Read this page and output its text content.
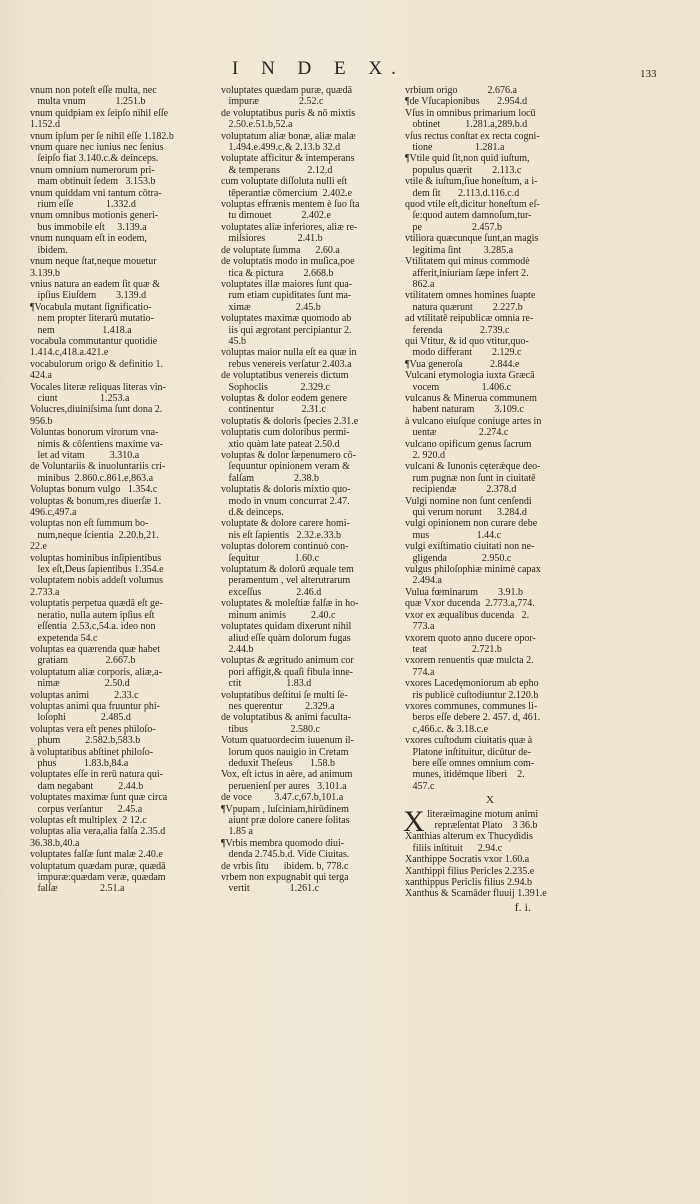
I N D E X.	133
vnum non poteſt eſſe multa, nec
multa vnum            1.251.b
vnum quidpiam ex ſeipſo nihil eſſe
1.152.d
vnum ipſum per ſe nihil eſſe 1.182.b
vnum quare nec iunius nec ſenius
ſeipſo fiat 3.140.c.& deinceps.
vnum omnium numerorum pri-
mam obtinuit ſedem   3.153.b
vnum quiddam vni tantum cōtra-
rium eſſe             1.332.d
vnum omnibus motionis generi-
bus immobile eſt     3.139.a
vnum nunquam eſt in eodem,
ibidem.
vnum neque ſtat,neque mouetur
3.139.b
vnius natura an eadem ſit quæ &
ipſius Eiuſdem        3.139.d
¶Vocabula mutant ſignificatio-
nem propter literarū mutatio-
nem                   1.418.a
vocabula commutantur quotidie
1.414.c,418.a.421.e
vocabulorum origo & definitio 1.
424.a
Vocales literæ reliquas literas vin-
ciunt                 1.253.a
Volucres,diuiniſsima ſunt dona 2.
956.b
Voluntas bonorum virorum vna-
nimis & cōſentiens maxime va-
let ad vitam          3.310.a
de Voluntariis & inuoluntariis cri-
minibus  2.860.c.861.e,863.a
Voluptas bonum vulgo   1.354.c
voluptas & bonum,res diuerſæ 1.
496.c,497.a
voluptas non eſt ſummum bo-
num,neque ſcientia  2.20.b,21.
22.e
voluptas hominibus inſipientibus
lex eſt,Deus ſapientibus 1.354.e
voluptatem nobis addeſt volumus
2.733.a
voluptatis perpetua quædā eſt ge-
neratio, nulla autem ipſius eſt
eſſentia  2.53.c,54.a. ideo non
expetenda 54.c
voluptas ea quærenda quæ habet
gratiam               2.667.b
voluptatum aliæ corporis, aliæ,a-
nimæ                  2.50.d
voluptas animi          2.33.c
voluptas animi qua fruuntur phi-
loſophi              2.485.d
voluptas vera eſt penes philoſo-
phum          2.582.b,583.b
à voluptatibus abſtinet philoſo-
phus           1.83.b,84.a
voluptates eſſe in rerū natura qui-
dam negabant          2.44.b
voluptates maximæ ſunt quæ circa
corpus verſantur      2.45.a
voluptas eſt multiplex  2 12.c
voluptas alia vera,alia falſa 2.35.d
36.38.b,40.a
voluptates falſæ ſunt malæ 2.40.e
voluptatum quædam puræ, quædā
impuræ:quædam veræ, quædam
falſæ                 2.51.a
voluptates quædam puræ, quædā
impuræ                2.52.c
de voluptatibus puris & nō mixtis
2.50.e.51.b,52.a
voluptatum aliæ bonæ, aliæ malæ
1.494.e.499.c.& 2.13.b 32.d
voluptate afficitur & intemperans
& temperans           2.12.d
cum voluptate diſſoluta nulli eſt
tēperantiæ cōmercium  2.402.e
voluptas effrænis mentem è ſuo ſta
tu dimouet            2.402.e
voluptates aliæ inferiores, aliæ re-
miſsiores             2.41.b
de voluptate ſumma      2.60.a
de voluptatis modo in muſica,poe
tica & pictura        2.668.b
voluptates illæ maiores ſunt qua-
rum etiam cupiditates ſunt ma-
ximæ                  2.45.b
voluptates maximæ quomodo ab
iis qui ægrotant percipiantur 2.
45.b
voluptas maior nulla eſt ea quæ in
rebus venereis verſatur 2.403.a
de voluptatibus venereis dictum
Sophoclis             2.329.c
voluptas & dolor eodem genere
continentur           2.31.c
voluptatis & doloris ſpecies 2.31.e
voluptatis cum doloribus permi-
xtio quàm late pateat 2.50.d
voluptas & dolor ſæpenumero cō-
ſequuntur opinionem veram &
falſam                2.38.b
voluptatis & doloris mixtio quo-
modo in vnum concurrat 2.47.
d.& deinceps.
voluptate & dolore carere homi-
nis eſt ſapientis   2.32.e.33.b
voluptas dolorem continuò con-
ſequitur              1.60.c
voluptatum & dolorū æquale tem
peramentum , vel alterutrarum
exceſſus              2.46.d
voluptates & moleſtiæ falſæ in ho-
minum animis          2.40.c
voluptates quidam dixerunt nihil
aliud eſſe quàm dolorum fugas
2.44.b
voluptas & ægritudo animum cor
pori affigit,& quaſi fibula inne-
ctit                  1.83.d
voluptatibus deſtitui ſe multi ſe-
nes querentur         2.329.a
de voluptatibus & animi faculta-
tibus                 2.580.c
Votum quatuordecim iuuenum il-
lorum quos nauigio in Cretam
deduxit Theſeus       1.58.b
Vox, eſt ictus in aëre, ad animum
peruenienſ per aures   3.101.a
de voce         3.47.c,67.b,101.a
¶Vpupam , luſciniam,hirūdinem
aiunt præ dolore canere ſolitas
1.85 a
¶Vrbis membra quomodo diui-
denda 2.745.b.d. Vide Ciuitas.
de vrbis ſitu      ibidem. b, 778.c
vrbem non expugnabit qui terga
vertit                1.261.c
vrbium origo            2.676.a
¶de Vſucapionibus       2.954.d
Vſus in omnibus primarium locū
obtinet          1.281.a,289.b.d
vſus rectus conſtat ex recta cogni-
tione                 1.281.a
¶Vtile quid ſit,non quid iuſtum,
populus quærit        2.113.c
vtile & iuſtum,ſiue honeſtum, a i-
dem ſit       2.113.d.116.c.d
quod vtile eſt,dicitur honeſtum eſ-
ſe:quod autem damnoſum,tur-
pe                    2.457.b
vtiliora quæcunque ſunt,an magis
legitima ſint         3.285.a
Vtilitatem qui minus commodè
afferit,iniuriam ſæpe infert 2.
862.a
vtilitatem omnes homines ſuapte
natura quærunt        2.227.b
ad vtilitatē reipublicæ omnia re-
ferenda               2.739.c
qui Vtitur, & id quo vtitur,quo-
modo differant        2.129.c
¶Vua generoſa           2.844.e
Vulcani etymologia iuxta Græcā
vocem                 1.406.c
vulcanus & Minerua communem
habent naturam        3.109.c
à vulcano eiuſque coniuge artes in
uentæ                 2.274.c
vulcano opificum genus ſacrum
2. 920.d
vulcani & Iunonis cęterǽque deo-
rum pugnæ non ſunt in ciuitatē
recipiendæ            2.378.d
Vulgi nomine non ſunt cenſendi
qui verum norunt      3.284.d
vulgi opinionem non curare debe
mus                   1.44.c
vulgi exiſtimatio ciuitati non ne-
gligenda              2.950.c
vulgus philoſophiæ minimè capax
2.494.a
Vulua fœminarum        3.91.b
quæ Vxor ducenda  2.773.a,774.
vxor ex æqualibus ducenda   2.
773.a
vxorem quoto anno ducere opor-
teat                  2.721.b
vxorem renuentis quæ mulcta 2.
774.a
vxores Lacedęmoniorum ab epho
ris publicè cuſtodiuntur 2.120.b
vxores communes, communes li-
beros eſſe debere 2. 457. d, 461.
c,466.c. & 3.18.c.e
vxores cuſtodum ciuitatis quæ à
Platone inſtituitur, dicūtur de-
bere eſſe omnes omnium com-
munes, itidémque liberi    2.
457.c
X
X literæimagine motum animi
repræſentat Plato    3 36.b
Xanthias alterum ex Thucydidis
filiis inſtituit      2.94.c
Xanthippe Socratis vxor 1.60.a
Xanthippi filius Pericles 2.235.e
xanthippus Periclis filius 2.94.b
Xanthus & Scamāder fluuij 1.391.e
f. i.
